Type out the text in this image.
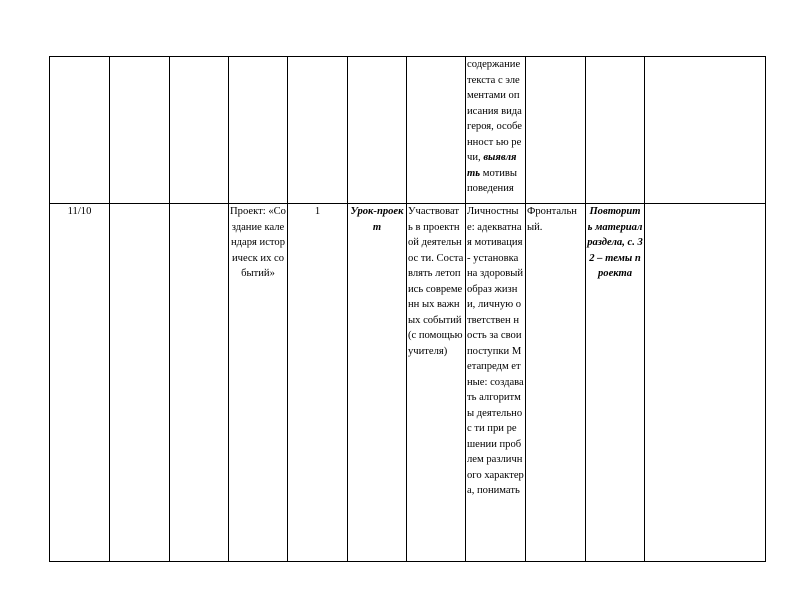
							содержание текста с элементами описания вида героя, особенност ью речи, выявлять мотивы поведения			
11/10			Проект: «Создание календаря историческ их событий»	1	Урок-проект	Участвоват ь в проектной деятельнос ти. Составлять летопись современн ых важных событий (с помощью учителя)	Личностны е: адекватная мотивация- установка на здоровый образ жизни, личную ответствен ность за свои поступки Метапредм етные: создавать алгоритмы деятельнос ти при решении проблем различного характера, понимать	Фронтальн ый.	Повторит ь материал раздела, с. 32 – темы проекта	
